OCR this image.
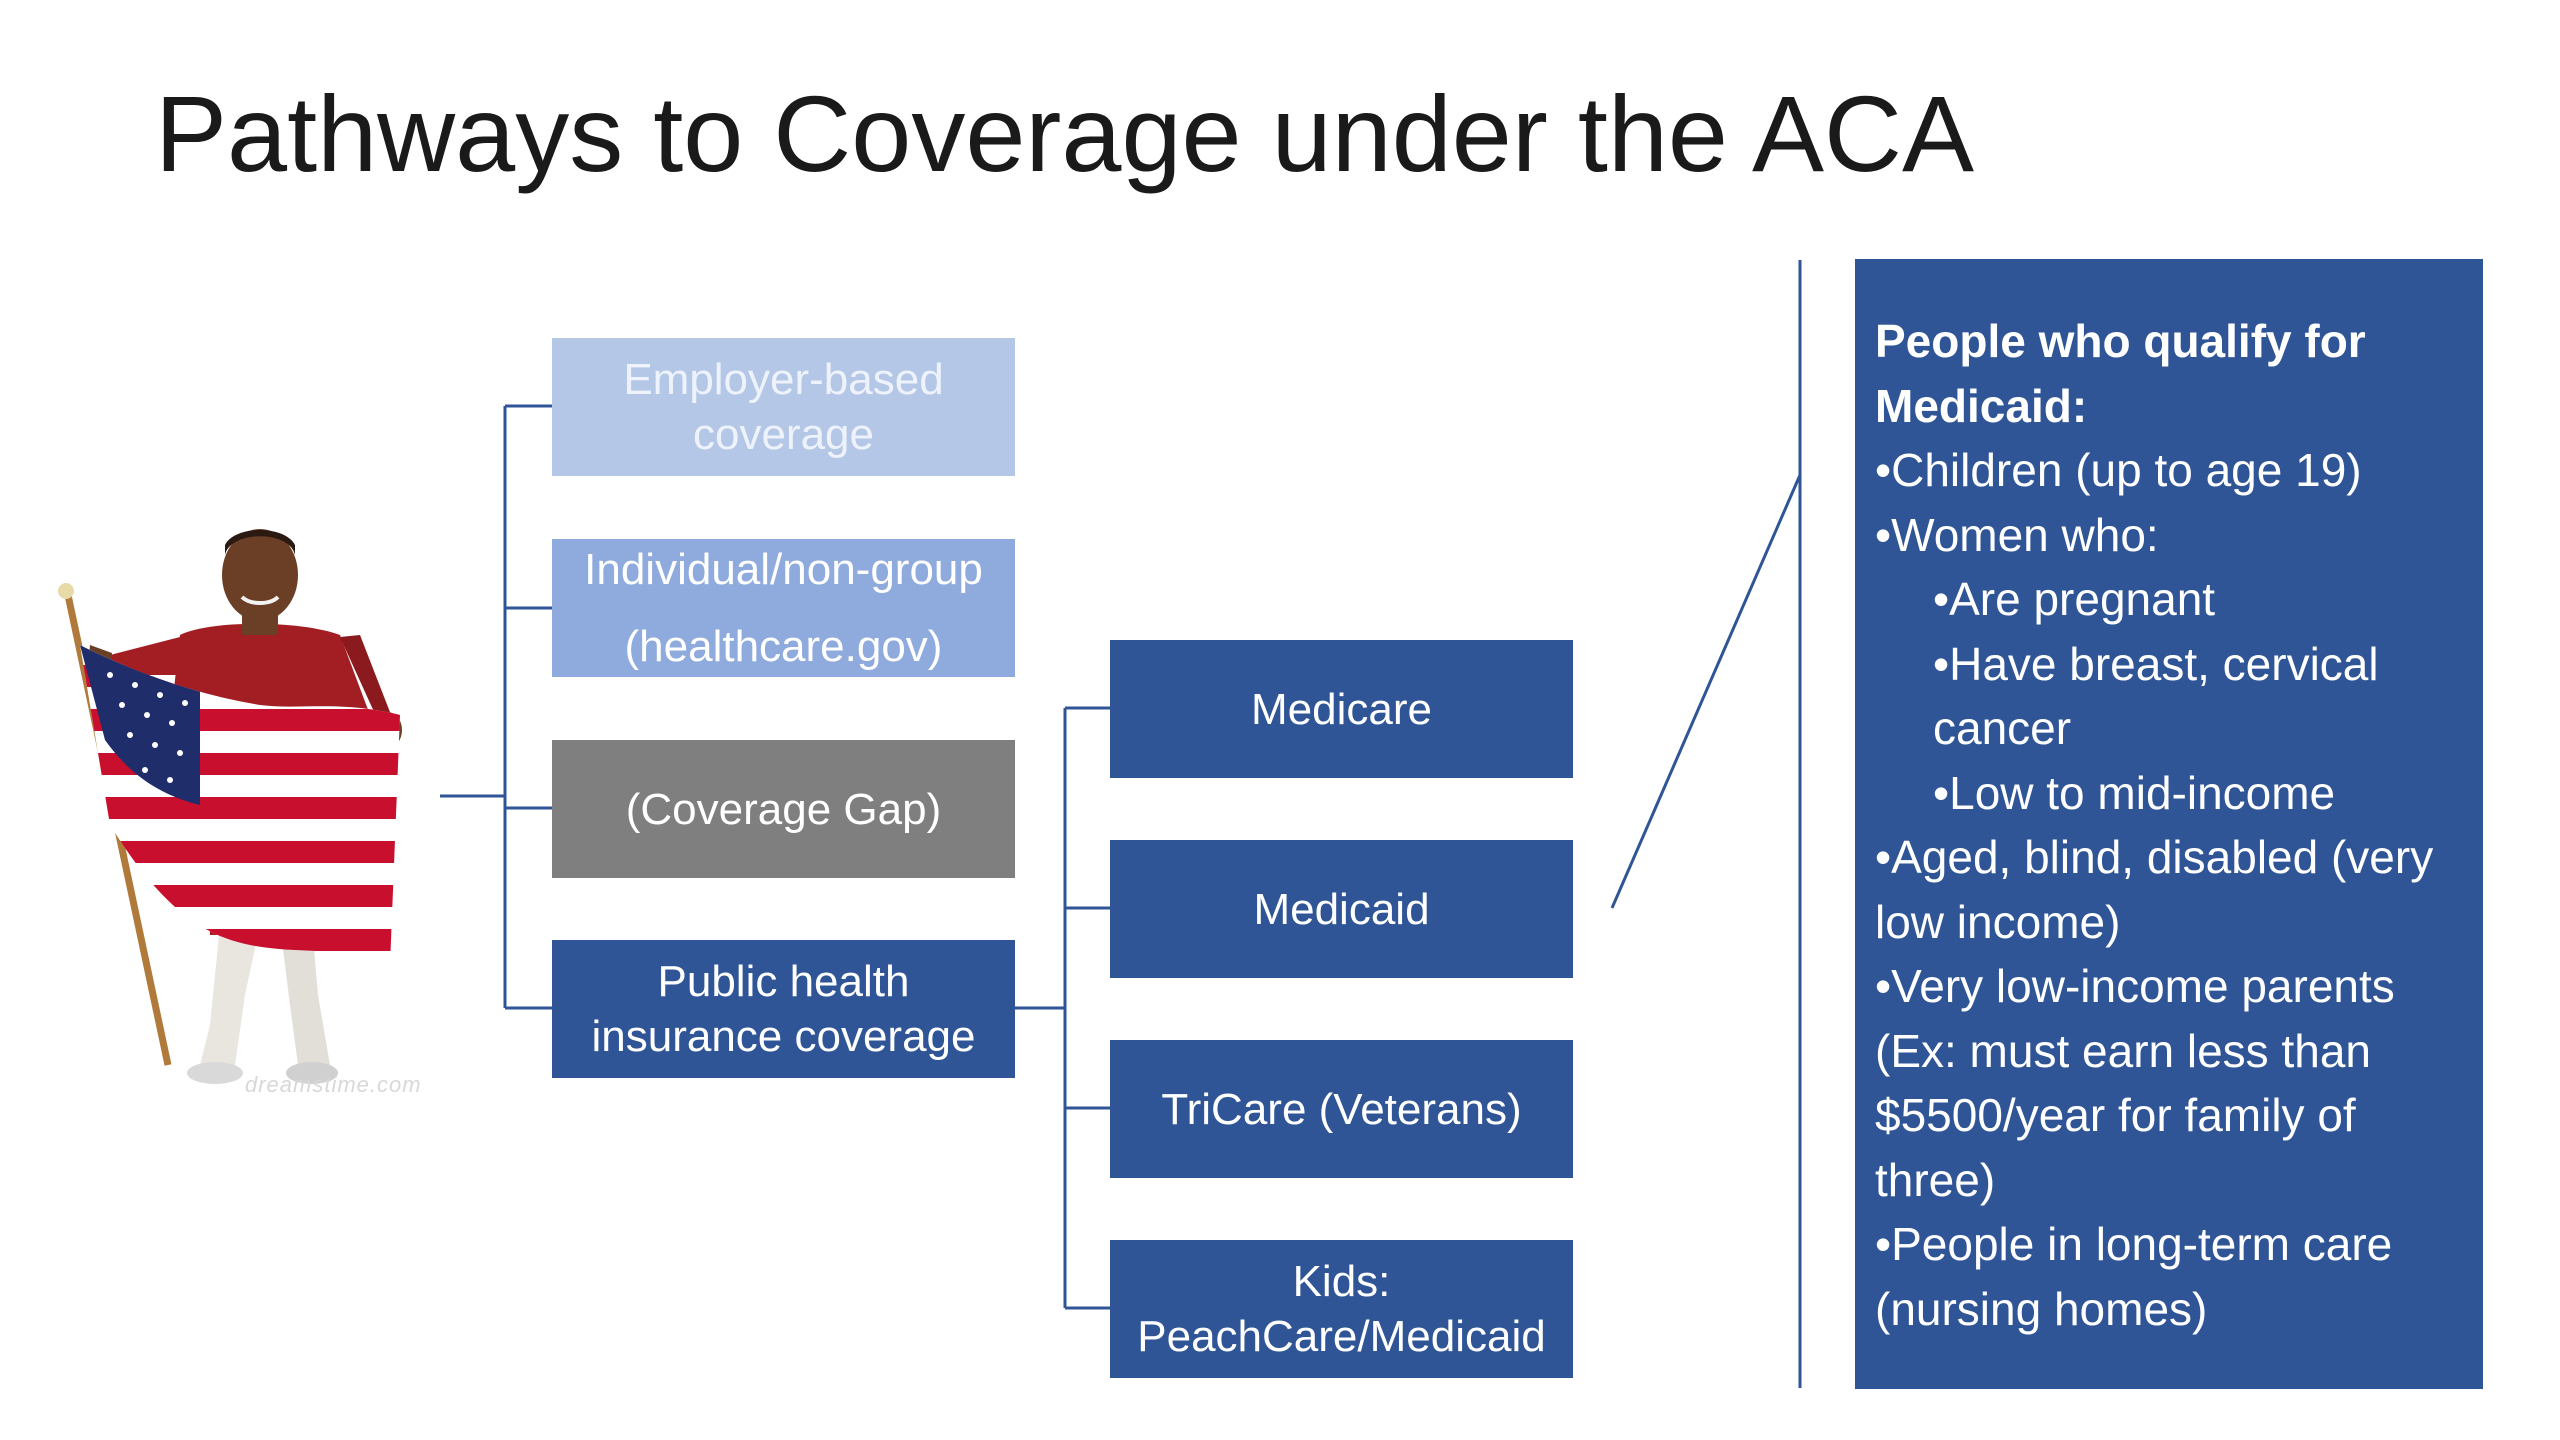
Pathways to Coverage under the ACA
dreamstime.com
Employer-based
coverage
Individual/non-group
(healthcare.gov)
(Coverage Gap)
Public health
insurance coverage
Medicare
Medicaid
TriCare (Veterans)
Kids:
PeachCare/Medicaid
People who qualify for Medicaid:
•Children (up to age 19)
•Women who:
•Are pregnant
•Have breast, cervical cancer
•Low to mid-income
•Aged, blind, disabled (very low income)
•Very low-income parents (Ex: must earn less than $5500/year for family of three)
•People in long-term care (nursing homes)
